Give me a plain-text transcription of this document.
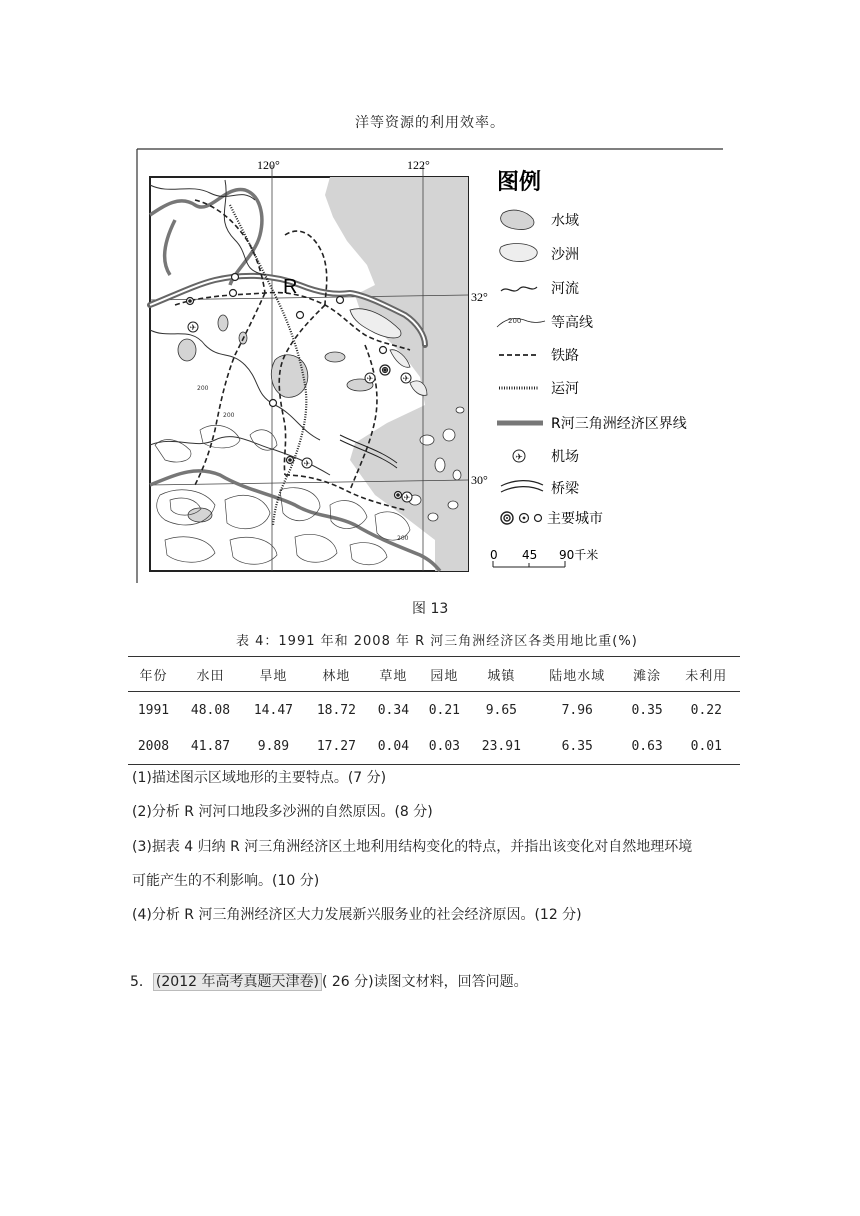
洋等资源的利用效率。
✈
✈	✈
✈
✈
120°	122°
32°
30°
R
200
200
200
图例
水域
沙洲
河流
200 等高线
铁路
运河
R河三角洲经济区界线
✈ 机场
桥梁
主要城市
0 45 90千米
图 13
表 4：1991 年和 2008 年 R 河三角洲经济区各类用地比重(%)
年份	水田	旱地	林地	草地	园地	城镇	陆地水域	滩涂	未利用
1991	48.08	14.47	18.72	0.34	0.21	9.65	7.96	0.35	0.22
2008	41.87	9.89	17.27	0.04	0.03	23.91	6.35	0.63	0.01
(1)描述图示区域地形的主要特点。(7 分)
(2)分析 R 河河口地段多沙洲的自然原因。(8 分)
(3)据表 4 归纳 R 河三角洲经济区土地利用结构变化的特点，并指出该变化对自然地理环境
可能产生的不利影响。(10 分)
(4)分析 R 河三角洲经济区大力发展新兴服务业的社会经济原因。(12 分)
5． (2012 年高考真题天津卷) ( 26 分)读图文材料，回答问题。
